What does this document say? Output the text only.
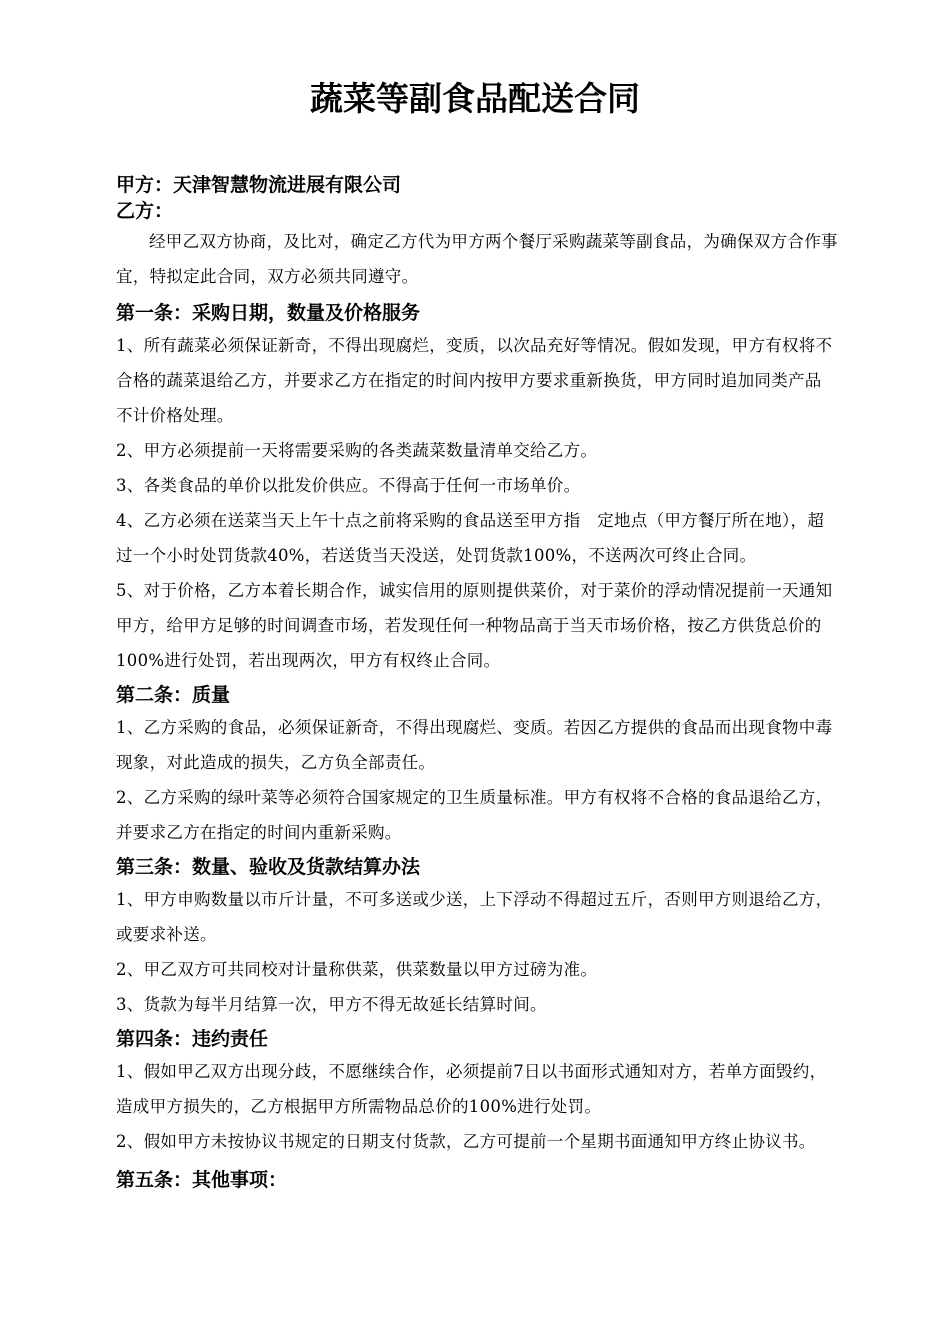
蔬菜等副食品配送合同

甲方：天津智慧物流进展有限公司

乙方：

经甲乙双方协商，及比对，确定乙方代为甲方两个餐厅采购蔬菜等副食品，为确保双方合作事宜，特拟定此合同，双方必须共同遵守。

第一条：采购日期，数量及价格服务

1、所有蔬菜必须保证新奇，不得出现腐烂，变质，以次品充好等情况。假如发现，甲方有权将不合格的蔬菜退给乙方，并要求乙方在指定的时间内按甲方要求重新换货，甲方同时追加同类产品不计价格处理。

2、甲方必须提前一天将需要采购的各类蔬菜数量清单交给乙方。

3、各类食品的单价以批发价供应。不得高于任何一市场单价。

4、乙方必须在送菜当天上午十点之前将采购的食品送至甲方指　定地点（甲方餐厅所在地），超过一个小时处罚货款40%，若送货当天没送，处罚货款100%，不送两次可终止合同。

5、对于价格，乙方本着长期合作，诚实信用的原则提供菜价，对于菜价的浮动情况提前一天通知甲方，给甲方足够的时间调查市场，若发现任何一种物品高于当天市场价格，按乙方供货总价的100%进行处罚，若出现两次，甲方有权终止合同。

第二条：质量

1、乙方采购的食品，必须保证新奇，不得出现腐烂、变质。若因乙方提供的食品而出现食物中毒现象，对此造成的损失，乙方负全部责任。

2、乙方采购的绿叶菜等必须符合国家规定的卫生质量标准。甲方有权将不合格的食品退给乙方，并要求乙方在指定的时间内重新采购。

第三条：数量、验收及货款结算办法

1、甲方申购数量以市斤计量，不可多送或少送，上下浮动不得超过五斤，否则甲方则退给乙方，或要求补送。

2、甲乙双方可共同校对计量称供菜，供菜数量以甲方过磅为准。

3、货款为每半月结算一次，甲方不得无故延长结算时间。

第四条：违约责任

1、假如甲乙双方出现分歧，不愿继续合作，必须提前7日以书面形式通知对方，若单方面毁约，造成甲方损失的，乙方根据甲方所需物品总价的100%进行处罚。

2、假如甲方未按协议书规定的日期支付货款，乙方可提前一个星期书面通知甲方终止协议书。

第五条：其他事项：
